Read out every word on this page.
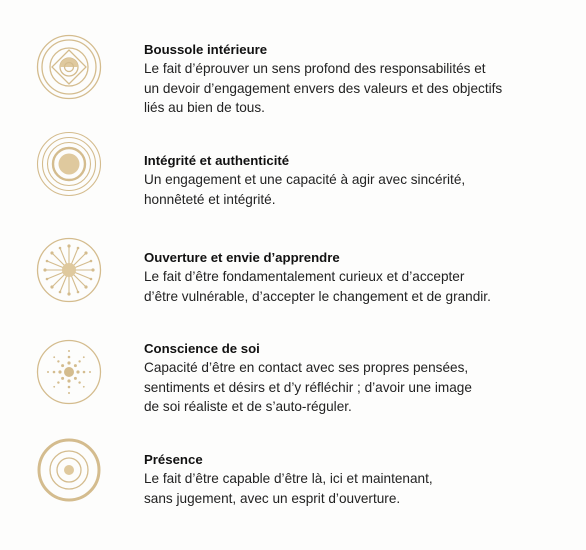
Boussole intérieure

Le fait d’éprouver un sens profond des responsabilités et
un devoir d’engagement envers des valeurs et des objectifs
liés au bien de tous.

Intégrité et authenticité

Un engagement et une capacité à agir avec sincérité,
honnêteté et intégrité.

Ouverture et envie d’apprendre

Le fait d’être fondamentalement curieux et d’accepter
d’être vulnérable, d’accepter le changement et de grandir.

Conscience de soi

Capacité d’être en contact avec ses propres pensées,
sentiments et désirs et d’y réfléchir ; d’avoir une image
de soi réaliste et de s’auto-réguler.

Présence

Le fait d’être capable d’être là, ici et maintenant,
sans jugement, avec un esprit d’ouverture.
